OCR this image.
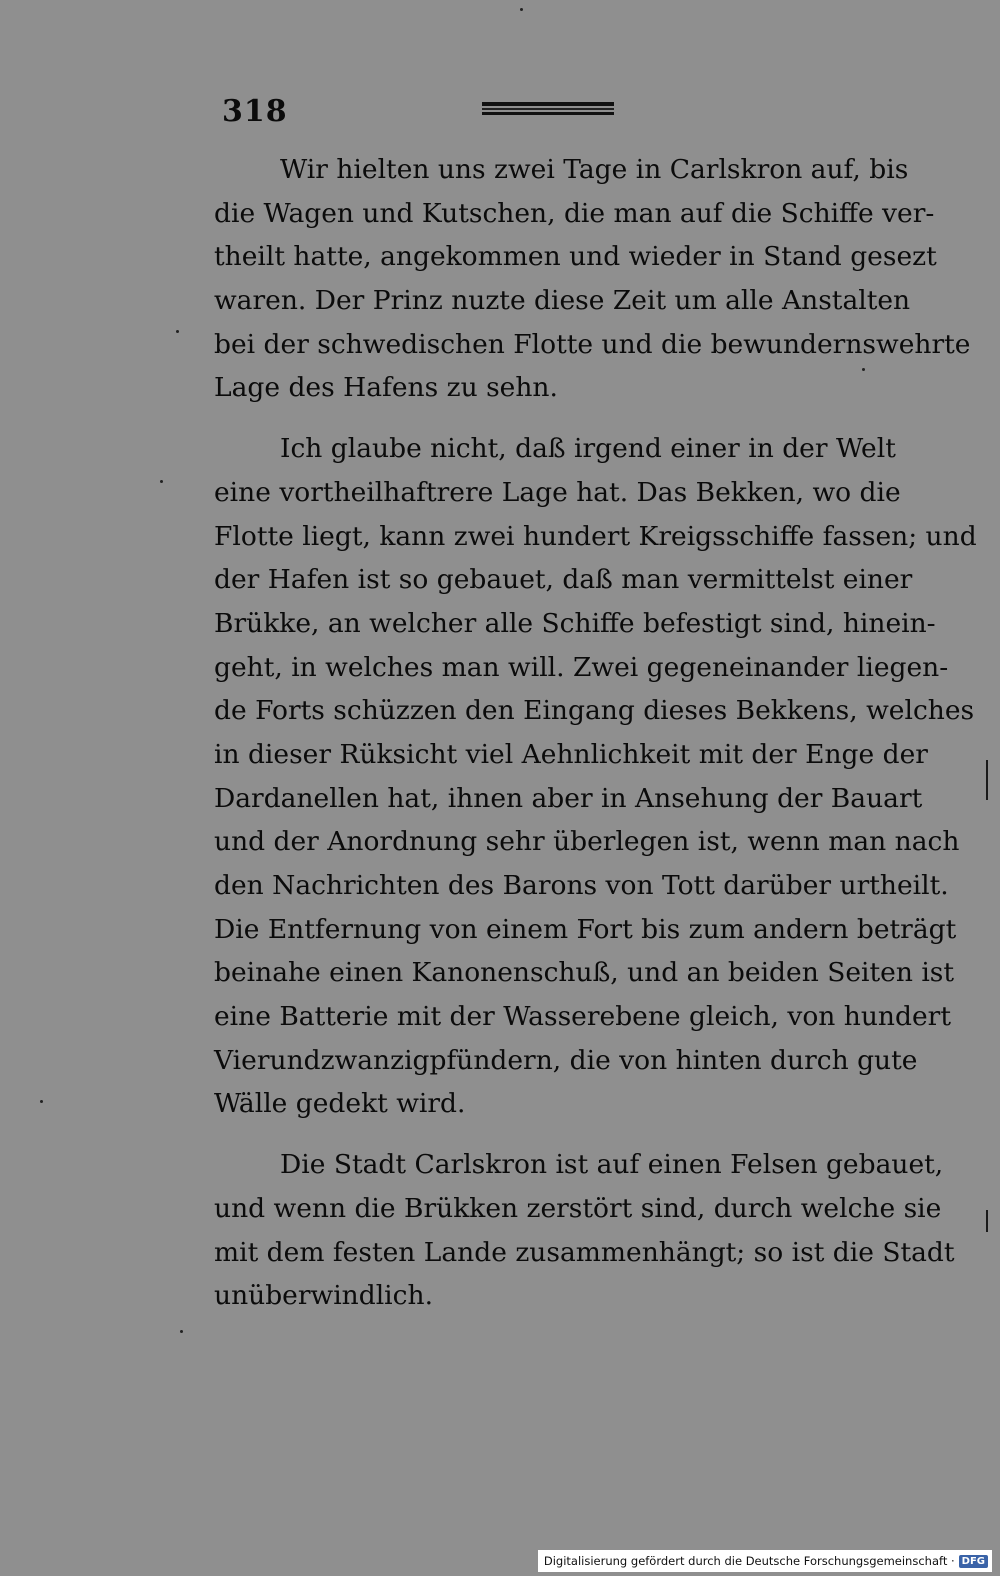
318
Wir hielten uns zwei Tage in Carlskron auf, bis
die Wagen und Kutschen, die man auf die Schiffe ver-
theilt hatte, angekommen und wieder in Stand gesezt
waren. Der Prinz nuzte diese Zeit um alle Anstalten
bei der schwedischen Flotte und die bewundernswehrte
Lage des Hafens zu sehn.
Ich glaube nicht, daß irgend einer in der Welt
eine vortheilhaftrere Lage hat. Das Bekken, wo die
Flotte liegt, kann zwei hundert Kreigsschiffe fassen; und
der Hafen ist so gebauet, daß man vermittelst einer
Brükke, an welcher alle Schiffe befestigt sind, hinein-
geht, in welches man will. Zwei gegeneinander liegen-
de Forts schüzzen den Eingang dieses Bekkens, welches
in dieser Rüksicht viel Aehnlichkeit mit der Enge der
Dardanellen hat, ihnen aber in Ansehung der Bauart
und der Anordnung sehr überlegen ist, wenn man nach
den Nachrichten des Barons von Tott darüber urtheilt.
Die Entfernung von einem Fort bis zum andern beträgt
beinahe einen Kanonenschuß, und an beiden Seiten ist
eine Batterie mit der Wasserebene gleich, von hundert
Vierundzwanzigpfündern, die von hinten durch gute
Wälle gedekt wird.
Die Stadt Carlskron ist auf einen Felsen gebauet,
und wenn die Brükken zerstört sind, durch welche sie
mit dem festen Lande zusammenhängt; so ist die Stadt
unüberwindlich.
Digitalisierung gefördert durch die Deutsche Forschungsgemeinschaft · DFG
